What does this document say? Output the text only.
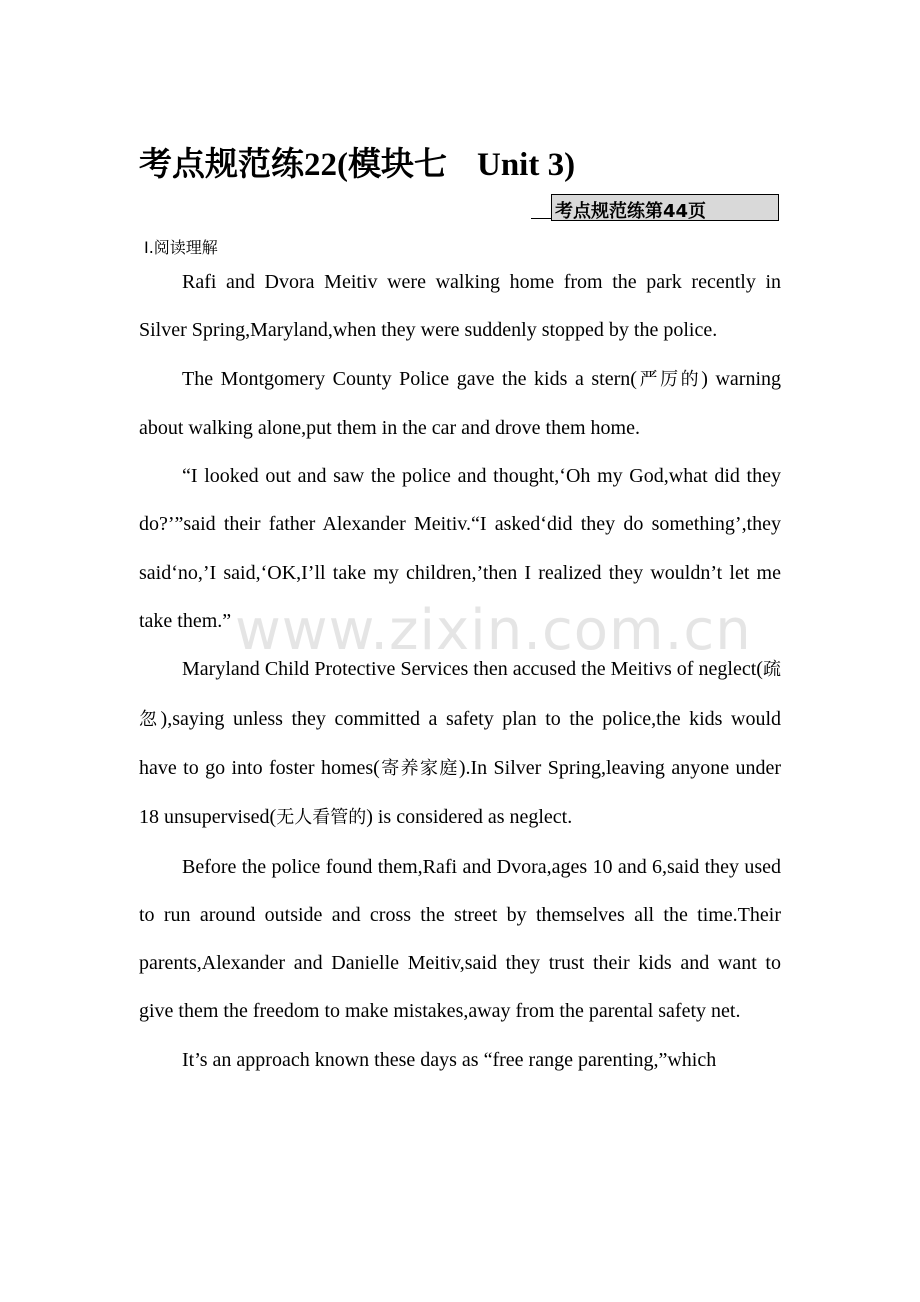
考点规范练22(模块七 Unit 3)
考点规范练第44页
Ⅰ.阅读理解

Rafi and Dvora Meitiv were walking home from the park recently in Silver Spring,Maryland,when they were suddenly stopped by the police.

The Montgomery County Police gave the kids a stern(严厉的) warning about walking alone,put them in the car and drove them home.

“I looked out and saw the police and thought,‘Oh my God,what did they do?’”said their father Alexander Meitiv.“I asked‘did they do something’,they said‘no,’I said,‘OK,I’ll take my children,’then I realized they wouldn’t let me take them.”

Maryland Child Protective Services then accused the Meitivs of neglect(疏忽),saying unless they committed a safety plan to the police,the kids would have to go into foster homes(寄养家庭).In Silver Spring,leaving anyone under 18 unsupervised(无人看管的) is considered as neglect.

Before the police found them,Rafi and Dvora,ages 10 and 6,said they used to run around outside and cross the street by themselves all the time.Their parents,Alexander and Danielle Meitiv,said they trust their kids and want to give them the freedom to make mistakes,away from the parental safety net.

It’s an approach known these days as “free range parenting,”which

www.zixin.com.cn
